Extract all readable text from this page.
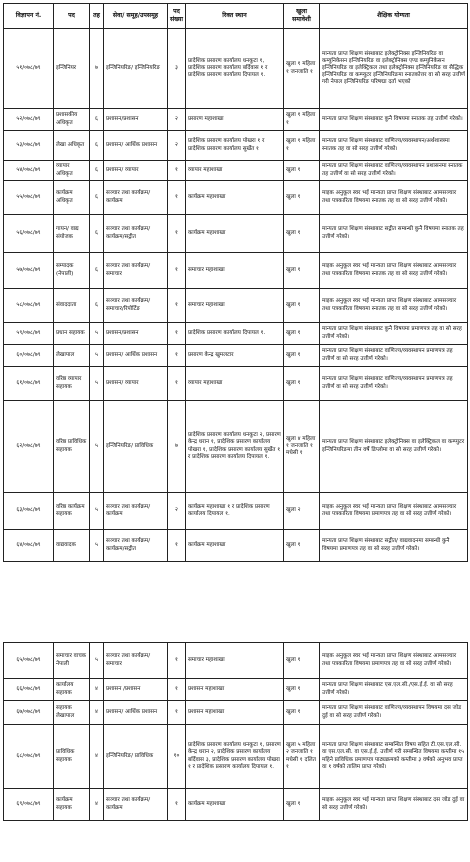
विज्ञापन नं.	पद	तह	सेवा/ समूह/उपसमूह	पद संख्या	रिक्त स्थान	खुला समावेशी	शैक्षिक योग्यता
५१/०७८/७९	इन्जिनियर	७	इन्जिनियरिङ/ इन्जिनियरिङ	३	प्रादेशिक प्रसारण कार्यालय धनकुटा १, प्रादेशिक प्रसारण कार्यालय बर्दिवास १ र प्रादेशिक प्रसारण कार्यालय दिपायल १.	खुला १ महिला १ जनजाति १	मान्यता प्राप्त शिक्षण संस्थाबाट इलेक्ट्रोनिक्स इन्जिनियरिङ वा कम्युनिकेसन इन्जिनियरिङ वा इलेक्ट्रोनिक्स एण्ड कम्युनिकेसन इन्जिनियरिङ वा इलेक्ट्रिकल तथा इलेक्ट्रोनिक्स इन्जिनियरिङ वा सैद्धिक इन्जिनियरिङ वा कम्प्युटर इन्जिनियरिङमा स्नातकोत्तर वा सो सरह उत्तीर्ण गरी नेपाल इन्जिनियरिङ परिषद्मा दर्ता भएको
५२/०७८/७९	प्रशासकीय अधिकृत	६	प्रशासन/प्रशासन	२	प्रसारण महाशाखा	खुला १ महिला १	मान्यता प्राप्त शिक्षण संस्थाबाट कुनै विषयमा स्नातक तह उत्तीर्ण गरेको।
५३/०७८/७९	लेखा अधिकृत	६	प्रशासन/ आर्थिक प्रशासन	२	प्रादेशिक प्रसारण कार्यालय पोखरा १ र प्रादेशिक प्रसारण कार्यालय सुर्खेत १	खुला १ महिला १	मान्यता प्राप्त शिक्षण संस्थाबाट वाणिज्य/व्यवस्थापन/अर्थशास्त्रमा स्नातक तह वा सो सरह उत्तीर्ण गरेको।
५४/०७८/७९	व्यापार अधिकृत	६	प्रशासन/ व्यापार	१	व्यापार महाशाखा	खुला १	मान्यता प्राप्त शिक्षण संस्थाबाट वाणिज्य/व्यवस्थापन प्रशासनमा स्नातक तह उत्तीर्ण वा सो सरह उत्तीर्ण गरेको।
५५/०७८/७९	कार्यक्रम अधिकृत	६	सञ्चार तथा कार्यक्रम/ कार्यक्रम	१	कार्यक्रम महाशाखा	खुला १	माइक अनुकूल स्वर भई मान्यता प्राप्त शिक्षण संस्थाबाट आमसञ्चार तथा पत्रकारिता विषयमा स्नातक तह वा सो सरह उत्तीर्ण गरेको।
५६/०७८/७९	गायन/ वाद्य संयोजक	६	सञ्चार तथा कार्यक्रम/ कार्यक्रम/सद्गीत	१	कार्यक्रम महाशाखा	खुला १	मान्यता प्राप्त शिक्षण संस्थाबाट सद्गीत सम्बन्धी कुनै विषयमा स्नातक तह उत्तीर्ण गरेको।
५७/०७८/७९	सम्पादक (नेपाली)	६	सञ्चार तथा कार्यक्रम/ समाचार	१	समाचार महाशाखा	खुला १	माइक अनुकूल स्वर भई मान्यता प्राप्त शिक्षण संस्थाबाट आमसञ्चार तथा पत्रकारिता विषयमा स्नातक तह वा सो सरह उत्तीर्ण गरेको।
५८/०७८/७९	संवाददाता	६	सञ्चार तथा कार्यक्रम/ समाचार/रिपोर्टिङ	१	समाचार महाशाखा	खुला १	माइक अनुकूल स्वर भई मान्यता प्राप्त शिक्षण संस्थाबाट आमसञ्चार तथा पत्रकारिता विषयमा स्नातक तह वा सो सरह उत्तीर्ण गरेको।
५९/०७८/७९	प्रधान सहायक	५	प्रशासन/प्रशासन	१	प्रादेशिक प्रसारण कार्यालय दिपायल १.	खुला १	मान्यता प्राप्त शिक्षण संस्थाबाट कुनै विषयमा प्रमाणपत्र तह वा सो सरह उत्तीर्ण गरेको।
६०/०७८/७९	लेखापाल	५	प्रशासन/ आर्थिक प्रशासन	१	प्रसारण केन्द्र खुमलटार	खुला १	मान्यता प्राप्त शिक्षण संस्थाबाट वाणिज्य/व्यवस्थापन प्रमाणपत्र तह उत्तीर्ण वा सो सरह उत्तीर्ण गरेको।
६१/०७८/७९	वरिष्ठ व्यापार सहायक	५	प्रशासन/ व्यापार	१	व्यापार महाशाखा	खुला १	मान्यता प्राप्त शिक्षण संस्थाबाट वाणिज्य/व्यवस्थापन प्रमाणपत्र तह उत्तीर्ण वा सो सरह उत्तीर्ण गरेको।
६२/०७८/७९	वरिष्ठ प्राविधिक सहायक	५	इन्जिनियरिङ/ प्राविधिक	७	प्रादेशिक प्रसारण कार्यालय धनकुटा २, प्रसारण केन्द्र धरान १, प्रादेशिक प्रसारण कार्यालय पोखरा १, प्रादेशिक प्रसारण कार्यालय सुर्खेत १ र प्रादेशिक प्रसारण कार्यालय दिपायल १.	खुला ४ महिला १ जनजाति १ मधेसी १	मान्यता प्राप्त शिक्षण संस्थाबाट इलेक्ट्रोनिक्स वा इलेक्ट्रिकल वा कम्प्युटर इन्जिनियरिङमा तीन वर्षे डिप्लोमा वा सो सरह उत्तीर्ण गरेको।
६३/०७८/७९	वरिष्ठ कार्यक्रम सहायक	५	सञ्चार तथा कार्यक्रम/ कार्यक्रम	२	कार्यक्रम महाशाखा १ र प्रादेशिक प्रसारण कार्यालय दिपायल १.	खुला २	माइक अनुकूल स्वर भई मान्यता प्राप्त शिक्षण संस्थाबाट आमसञ्चार तथा पत्रकारिता विषयमा प्रमाणपत्र तह वा सो सरह उत्तीर्ण गरेको।
६४/०७८/७९	वाद्यवादक	५	सञ्चार तथा कार्यक्रम/ कार्यक्रम/सद्गीत	१	कार्यक्रम महाशाखा	खुला १	मान्यता प्राप्त शिक्षण संस्थाबाट सद्गीत/ वाद्यवादनमा सम्बन्धी कुनै विषयमा प्रमाणपत्र तह वा सो सरह उत्तीर्ण गरेको।
६५/०७८/७९	समाचार वाचक नेपाली	५	सञ्चार तथा कार्यक्रम/ समाचार	१	समाचार महाशाखा	खुला १	माइक अनुकूल स्वर भई मान्यता प्राप्त शिक्षण संस्थाबाट आमसञ्चार तथा पत्रकारिता विषयमा प्रमाणपत्र तह वा सो सरह उत्तीर्ण गरेको।
६६/०७८/७९	कार्यालय सहायक	४	प्रशासन /प्रशासन	१	प्रशासन महाशाखा	खुला १	मान्यता प्राप्त शिक्षण संस्थाबाट एस.एल.सी./एस.ई.ई. वा सो सरह उत्तीर्ण गरेको।
६७/०७८/७९	सहायक लेखापाल	४	प्रशासन/ आर्थिक प्रशासन	१	प्रशासन महाशाखा	खुला १	मान्यता प्राप्त शिक्षण संस्थाबाट वाणिज्य/व्यवस्थापन विषयमा दस जोड दुई वा सो सरह उत्तीर्ण गरेको।
६८/०७८/७९	प्राविधिक सहायक	४	इन्जिनियरिङ/ प्राविधिक	१०	प्रादेशिक प्रसारण कार्यालय धनकुटा १, प्रसारण केन्द्र धरान २, प्रादेशिक प्रसारण कार्यालय बर्दिवास ३, प्रादेशिक प्रसारण कार्यालय पोखरा १ र प्रादेशिक प्रसारण कार्यालय दिपायल १.	खुला ५ महिला २ जनजाति १ मधेसी १ दलित १	मान्यता प्राप्त शिक्षण संस्थाबाट सम्बन्धित विषय सहित टी.एस.एल.सी. वा एस.एल.सी. वा एस.ई.ई. उत्तीर्ण गरी सम्बन्धित विषयमा कम्तीमा १५ महिने प्राविधिक प्रमाणपत्र पाठ्यक्रमको कम्तीमा ३ वर्षको अनुभव प्राप्त वा १ वर्षको तालिम प्राप्त गरेको।
६९/०७८/७९	कार्यक्रम सहायक	४	सञ्चार तथा कार्यक्रम/ कार्यक्रम	१	कार्यक्रम महाशाखा	खुला १	माइक अनुकूल स्वर भई मान्यता प्राप्त शिक्षण संस्थाबाट दस जोड दुई वा सो सरह उत्तीर्ण गरेको।
